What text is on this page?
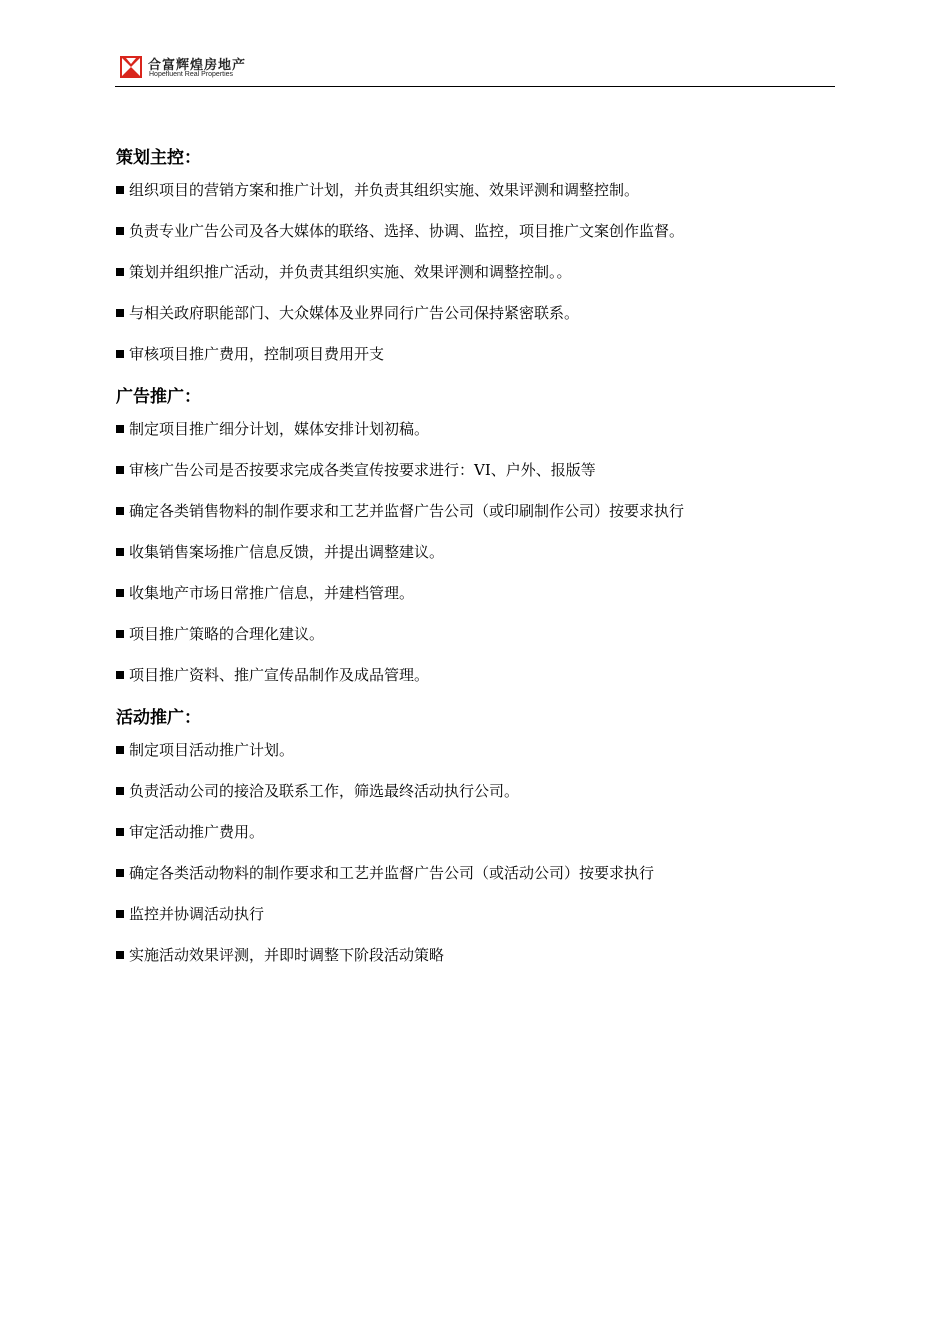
合富辉煌房地产
Hopefluent Real Properties
策划主控：
组织项目的营销方案和推广计划，并负责其组织实施、效果评测和调整控制。
负责专业广告公司及各大媒体的联络、选择、协调、监控，项目推广文案创作监督。
策划并组织推广活动，并负责其组织实施、效果评测和调整控制。。
与相关政府职能部门、大众媒体及业界同行广告公司保持紧密联系。
审核项目推广费用，控制项目费用开支
广告推广：
制定项目推广细分计划，媒体安排计划初稿。
审核广告公司是否按要求完成各类宣传按要求进行：VI、户外、报版等
确定各类销售物料的制作要求和工艺并监督广告公司（或印刷制作公司）按要求执行
收集销售案场推广信息反馈，并提出调整建议。
收集地产市场日常推广信息，并建档管理。
项目推广策略的合理化建议。
项目推广资料、推广宣传品制作及成品管理。
活动推广：
制定项目活动推广计划。
负责活动公司的接洽及联系工作，筛选最终活动执行公司。
审定活动推广费用。
确定各类活动物料的制作要求和工艺并监督广告公司（或活动公司）按要求执行
监控并协调活动执行
实施活动效果评测，并即时调整下阶段活动策略
